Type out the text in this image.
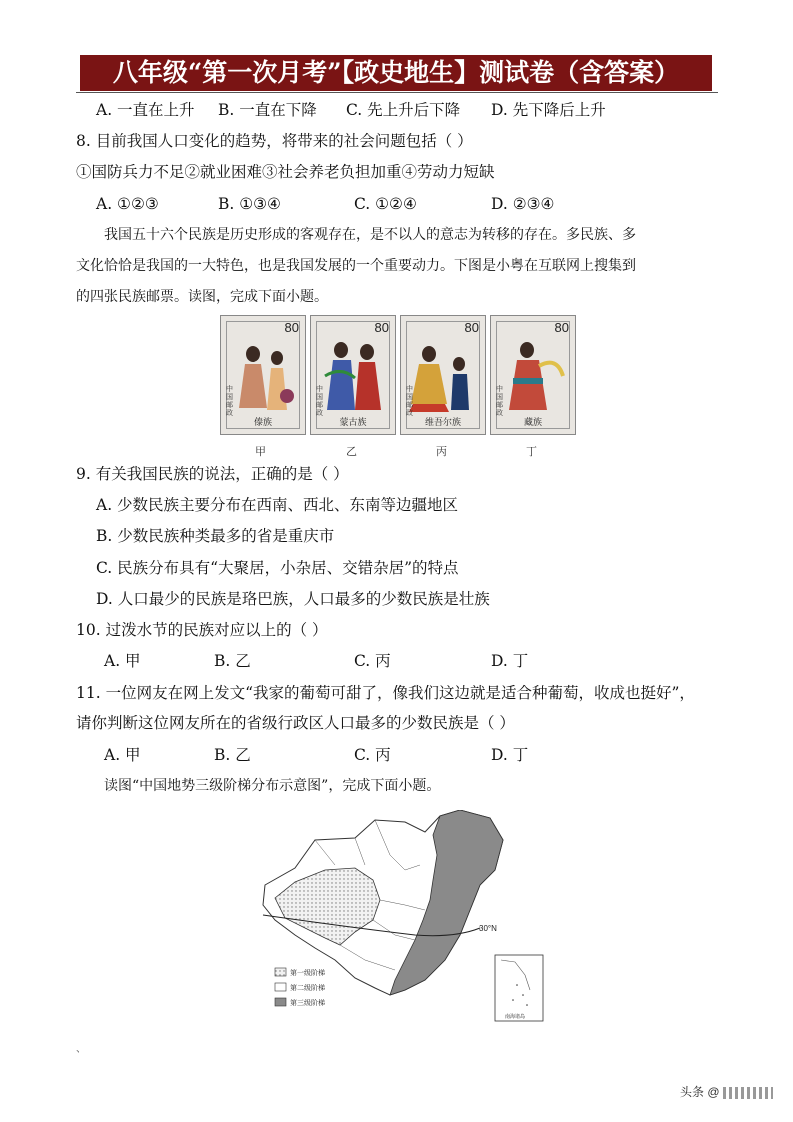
八年级“第一次月考”【政史地生】测试卷（含答案）
A. 一直在上升 B. 一直在下降 C. 先上升后下降 D. 先下降后上升
8. 目前我国人口变化的趋势，将带来的社会问题包括（ ）
①国防兵力不足②就业困难③社会养老负担加重④劳动力短缺
A. ①②③	B. ①③④	C. ①②④	D. ②③④
我国五十六个民族是历史形成的客观存在，是不以人的意志为转移的存在。多民族、多
文化恰恰是我国的一大特色，也是我国发展的一个重要动力。下图是小粤在互联网上搜集到
的四张民族邮票。读图，完成下面小题。
80
中国邮政
傣族
80
中国邮政
蒙古族
80
中国邮政
维吾尔族
80
中国邮政
藏族
甲	乙	丙	丁
9. 有关我国民族的说法，正确的是（ ）
A. 少数民族主要分布在西南、西北、东南等边疆地区
B. 少数民族种类最多的省是重庆市
C. 民族分布具有“大聚居，小杂居、交错杂居”的特点
D. 人口最少的民族是珞巴族，人口最多的少数民族是壮族
10. 过泼水节的民族对应以上的（ ）
A. 甲	B. 乙	C. 丙	D. 丁
11. 一位网友在网上发文“我家的葡萄可甜了，像我们这边就是适合种葡萄，收成也挺好”，
请你判断这位网友所在的省级行政区人口最多的少数民族是（ ）
A. 甲	B. 乙	C. 丙	D. 丁
读图“中国地势三级阶梯分布示意图”，完成下面小题。
30°N
第一级阶梯
第二级阶梯
第三级阶梯
南海诸岛
、
头条 @
